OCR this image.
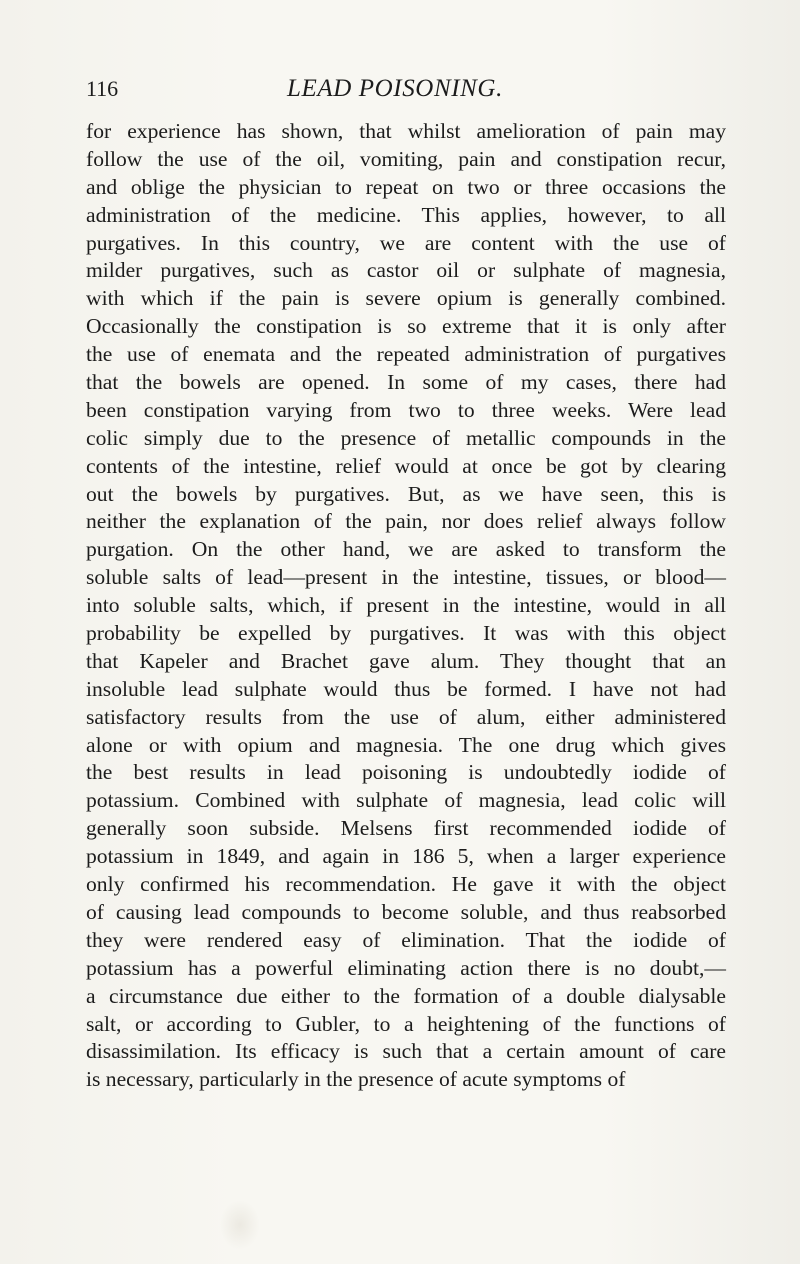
116	LEAD POISONING.
for experience has shown, that whilst amelioration of pain may
follow the use of the oil, vomiting, pain and constipation recur,
and oblige the physician to repeat on two or three occasions the
administration of the medicine. This applies, however, to all
purgatives. In this country, we are content with the use of
milder purgatives, such as castor oil or sulphate of magnesia,
with which if the pain is severe opium is generally combined.
Occasionally the constipation is so extreme that it is only after
the use of enemata and the repeated administration of purgatives
that the bowels are opened. In some of my cases, there had
been constipation varying from two to three weeks. Were lead
colic simply due to the presence of metallic compounds in the
contents of the intestine, relief would at once be got by clearing
out the bowels by purgatives. But, as we have seen, this is
neither the explanation of the pain, nor does relief always follow
purgation. On the other hand, we are asked to transform the
soluble salts of lead—present in the intestine, tissues, or blood—
into soluble salts, which, if present in the intestine, would in all
probability be expelled by purgatives. It was with this object
that Kapeler and Brachet gave alum. They thought that an
insoluble lead sulphate would thus be formed. I have not had
satisfactory results from the use of alum, either administered
alone or with opium and magnesia. The one drug which gives
the best results in lead poisoning is undoubtedly iodide of
potassium. Combined with sulphate of magnesia, lead colic will
generally soon subside. Melsens first recommended iodide of
potassium in 1849, and again in 186 5, when a larger experience
only confirmed his recommendation. He gave it with the object
of causing lead compounds to become soluble, and thus reabsorbed
they were rendered easy of elimination. That the iodide of
potassium has a powerful eliminating action there is no doubt,—
a circumstance due either to the formation of a double dialysable
salt, or according to Gubler, to a heightening of the functions of
disassimilation. Its efficacy is such that a certain amount of care
is necessary, particularly in the presence of acute symptoms of
